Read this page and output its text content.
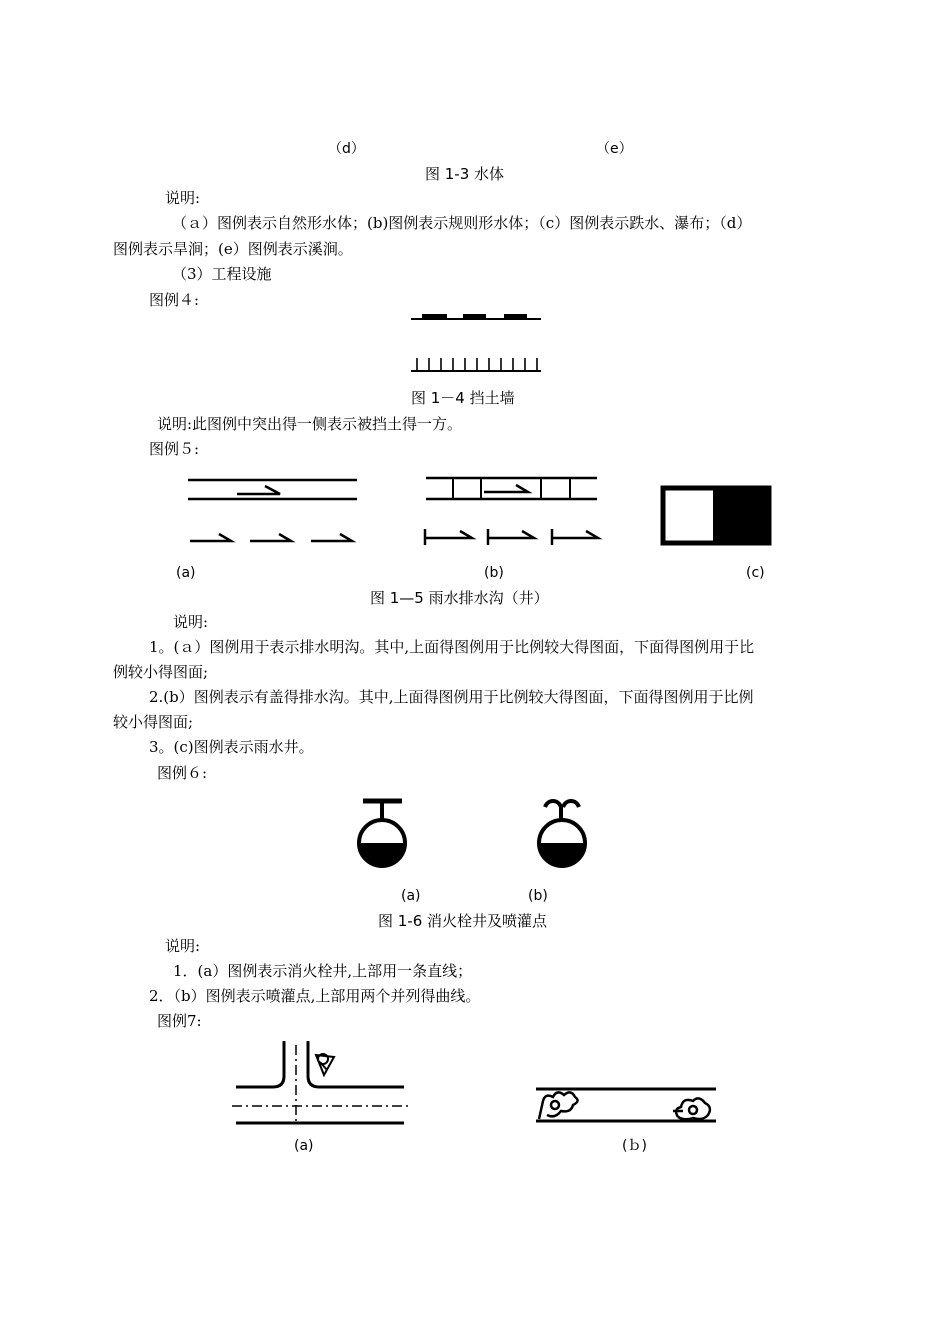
（d）	（e）
图 1-3 水体
说明:
（ａ）图例表示自然形水体；(b)图例表示规则形水体；（c）图例表示跌水、瀑布；（d）
图例表示旱涧；(e）图例表示溪涧。
（3）工程设施
图例４:
图 1－4 挡土墙
说明:此图例中突出得一侧表示被挡土得一方。
图例５:
(a)	(b)	(c)
图 1—5 雨水排水沟（井）
说明:
1。(ａ）图例用于表示排水明沟。其中,上面得图例用于比例较大得图面，下面得图例用于比
例较小得图面;
2.(b）图例表示有盖得排水沟。其中,上面得图例用于比例较大得图面，下面得图例用于比例
较小得图面;
3。(c)图例表示雨水井。
图例６:
(a)	(b)
图 1-6 消火栓井及喷灌点
说明:
1．(a）图例表示消火栓井,上部用一条直线；
2．（b）图例表示喷灌点,上部用两个并列得曲线。
图例7:
(a)	(ｂ)
